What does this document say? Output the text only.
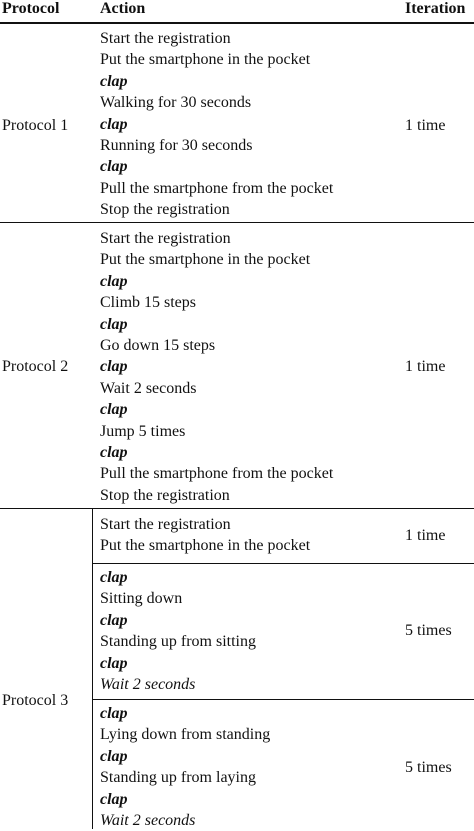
Protocol	Action	Iteration
Protocol 1
Start the registration
Put the smartphone in the pocket
clap
Walking for 30 seconds
clap
Running for 30 seconds
clap
Pull the smartphone from the pocket
Stop the registration
1 time
Protocol 2
Start the registration
Put the smartphone in the pocket
clap
Climb 15 steps
clap
Go down 15 steps
clap
Wait 2 seconds
clap
Jump 5 times
clap
Pull the smartphone from the pocket
Stop the registration
1 time
Protocol 3
Start the registration
Put the smartphone in the pocket
1 time
clap
Sitting down
clap
Standing up from sitting
clap
Wait 2 seconds
5 times
clap
Lying down from standing
clap
Standing up from laying
clap
Wait 2 seconds
5 times
